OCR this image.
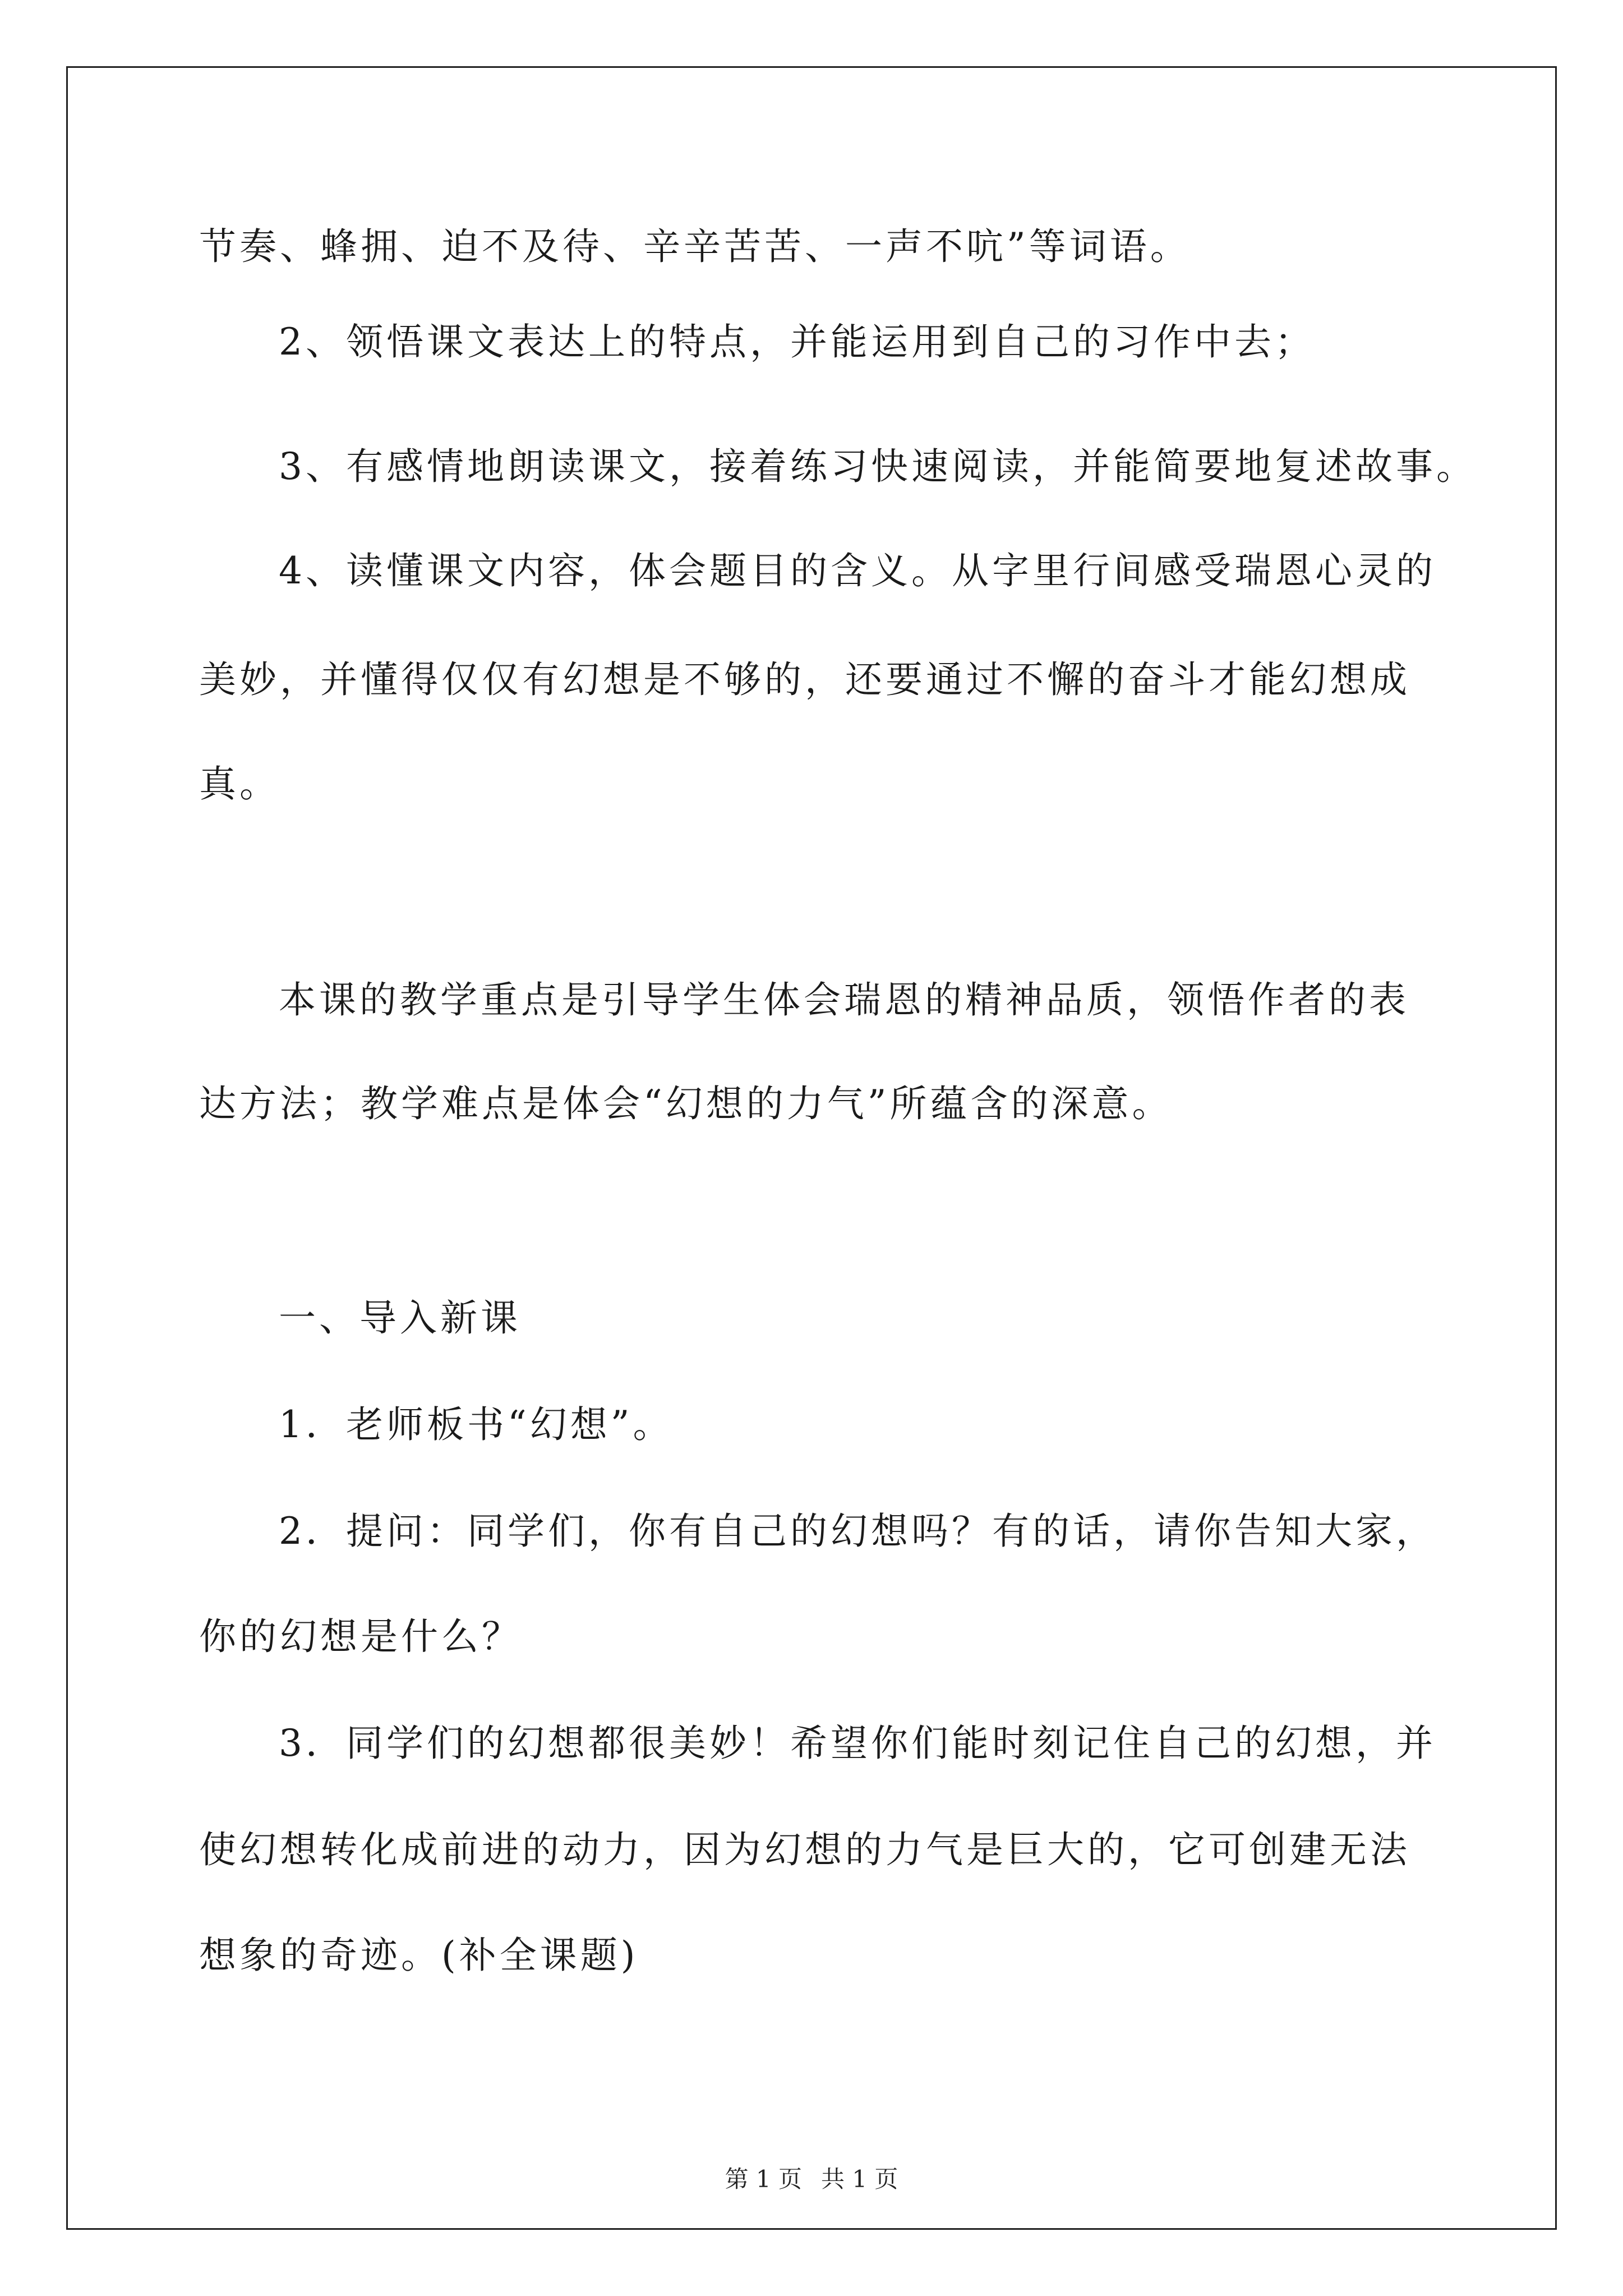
节奏、蜂拥、迫不及待、辛辛苦苦、一声不吭”等词语。
2、领悟课文表达上的特点，并能运用到自己的习作中去；
3、有感情地朗读课文，接着练习快速阅读，并能简要地复述故事。
4、读懂课文内容，体会题目的含义。从字里行间感受瑞恩心灵的
美妙，并懂得仅仅有幻想是不够的，还要通过不懈的奋斗才能幻想成
真。
本课的教学重点是引导学生体会瑞恩的精神品质，领悟作者的表
达方法；教学难点是体会“幻想的力气”所蕴含的深意。
一、导入新课
1．老师板书“幻想”。
2．提问：同学们，你有自己的幻想吗？有的话，请你告知大家，
你的幻想是什么？
3．同学们的幻想都很美妙！希望你们能时刻记住自己的幻想，并
使幻想转化成前进的动力，因为幻想的力气是巨大的，它可创建无法
想象的奇迹。(补全课题)
第 1 页 共 1 页
